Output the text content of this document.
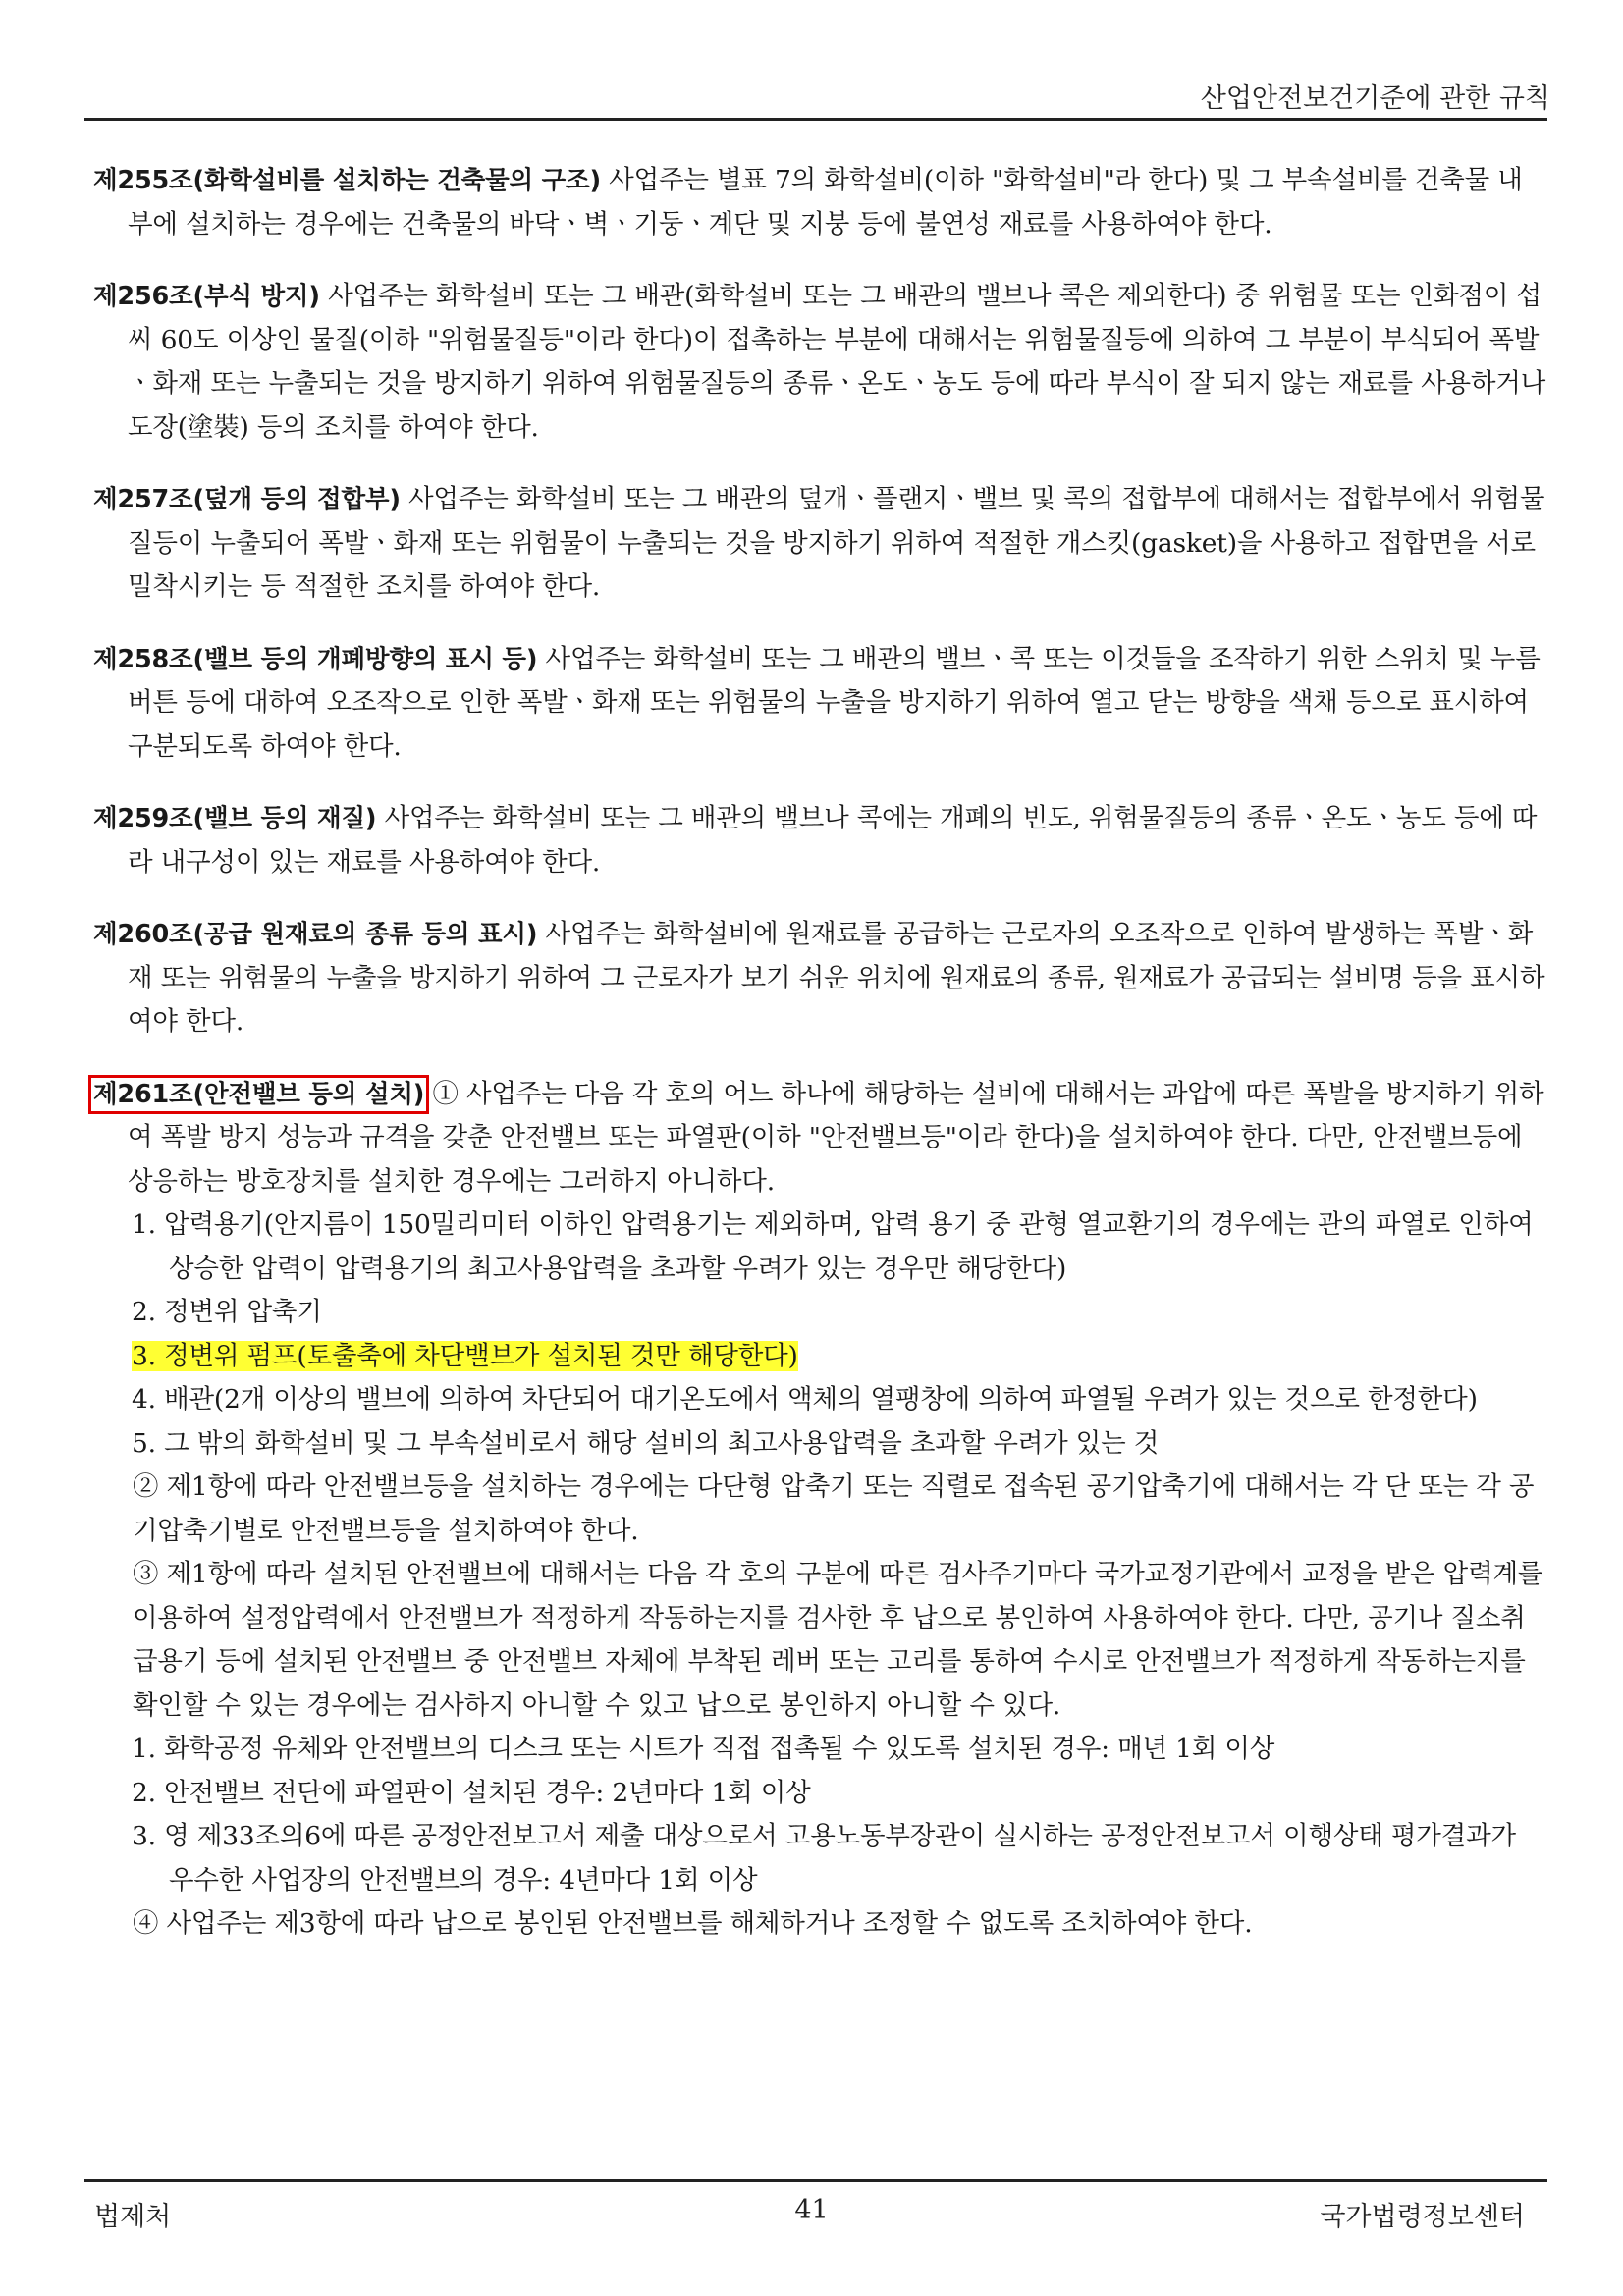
산업안전보건기준에 관한 규칙

제255조(화학설비를 설치하는 건축물의 구조) 사업주는 별표 7의 화학설비(이하 "화학설비"라 한다) 및 그 부속설비를 건축물 내부에 설치하는 경우에는 건축물의 바닥ㆍ벽ㆍ기둥ㆍ계단 및 지붕 등에 불연성 재료를 사용하여야 한다.

제256조(부식 방지) 사업주는 화학설비 또는 그 배관(화학설비 또는 그 배관의 밸브나 콕은 제외한다) 중 위험물 또는 인화점이 섭씨 60도 이상인 물질(이하 "위험물질등"이라 한다)이 접촉하는 부분에 대해서는 위험물질등에 의하여 그 부분이 부식되어 폭발ㆍ화재 또는 누출되는 것을 방지하기 위하여 위험물질등의 종류ㆍ온도ㆍ농도 등에 따라 부식이 잘 되지 않는 재료를 사용하거나 도장(塗裝) 등의 조치를 하여야 한다.

제257조(덮개 등의 접합부) 사업주는 화학설비 또는 그 배관의 덮개ㆍ플랜지ㆍ밸브 및 콕의 접합부에 대해서는 접합부에서 위험물질등이 누출되어 폭발ㆍ화재 또는 위험물이 누출되는 것을 방지하기 위하여 적절한 개스킷(gasket)을 사용하고 접합면을 서로 밀착시키는 등 적절한 조치를 하여야 한다.

제258조(밸브 등의 개폐방향의 표시 등) 사업주는 화학설비 또는 그 배관의 밸브ㆍ콕 또는 이것들을 조작하기 위한 스위치 및 누름버튼 등에 대하여 오조작으로 인한 폭발ㆍ화재 또는 위험물의 누출을 방지하기 위하여 열고 닫는 방향을 색채 등으로 표시하여 구분되도록 하여야 한다.

제259조(밸브 등의 재질) 사업주는 화학설비 또는 그 배관의 밸브나 콕에는 개폐의 빈도, 위험물질등의 종류ㆍ온도ㆍ농도 등에 따라 내구성이 있는 재료를 사용하여야 한다.

제260조(공급 원재료의 종류 등의 표시) 사업주는 화학설비에 원재료를 공급하는 근로자의 오조작으로 인하여 발생하는 폭발ㆍ화재 또는 위험물의 누출을 방지하기 위하여 그 근로자가 보기 쉬운 위치에 원재료의 종류, 원재료가 공급되는 설비명 등을 표시하여야 한다.

제261조(안전밸브 등의 설치) ① 사업주는 다음 각 호의 어느 하나에 해당하는 설비에 대해서는 과압에 따른 폭발을 방지하기 위하여 폭발 방지 성능과 규격을 갖춘 안전밸브 또는 파열판(이하 "안전밸브등"이라 한다)을 설치하여야 한다. 다만, 안전밸브등에 상응하는 방호장치를 설치한 경우에는 그러하지 아니하다.

1. 압력용기(안지름이 150밀리미터 이하인 압력용기는 제외하며, 압력 용기 중 관형 열교환기의 경우에는 관의 파열로 인하여 상승한 압력이 압력용기의 최고사용압력을 초과할 우려가 있는 경우만 해당한다)

2. 정변위 압축기

3. 정변위 펌프(토출축에 차단밸브가 설치된 것만 해당한다)

4. 배관(2개 이상의 밸브에 의하여 차단되어 대기온도에서 액체의 열팽창에 의하여 파열될 우려가 있는 것으로 한정한다)

5. 그 밖의 화학설비 및 그 부속설비로서 해당 설비의 최고사용압력을 초과할 우려가 있는 것

② 제1항에 따라 안전밸브등을 설치하는 경우에는 다단형 압축기 또는 직렬로 접속된 공기압축기에 대해서는 각 단 또는 각 공기압축기별로 안전밸브등을 설치하여야 한다.

③ 제1항에 따라 설치된 안전밸브에 대해서는 다음 각 호의 구분에 따른 검사주기마다 국가교정기관에서 교정을 받은 압력계를 이용하여 설정압력에서 안전밸브가 적정하게 작동하는지를 검사한 후 납으로 봉인하여 사용하여야 한다. 다만, 공기나 질소취급용기 등에 설치된 안전밸브 중 안전밸브 자체에 부착된 레버 또는 고리를 통하여 수시로 안전밸브가 적정하게 작동하는지를 확인할 수 있는 경우에는 검사하지 아니할 수 있고 납으로 봉인하지 아니할 수 있다.

1. 화학공정 유체와 안전밸브의 디스크 또는 시트가 직접 접촉될 수 있도록 설치된 경우: 매년 1회 이상

2. 안전밸브 전단에 파열판이 설치된 경우: 2년마다 1회 이상

3. 영 제33조의6에 따른 공정안전보고서 제출 대상으로서 고용노동부장관이 실시하는 공정안전보고서 이행상태 평가결과가 우수한 사업장의 안전밸브의 경우: 4년마다 1회 이상

④ 사업주는 제3항에 따라 납으로 봉인된 안전밸브를 해체하거나 조정할 수 없도록 조치하여야 한다.

법제처	41	국가법령정보센터
